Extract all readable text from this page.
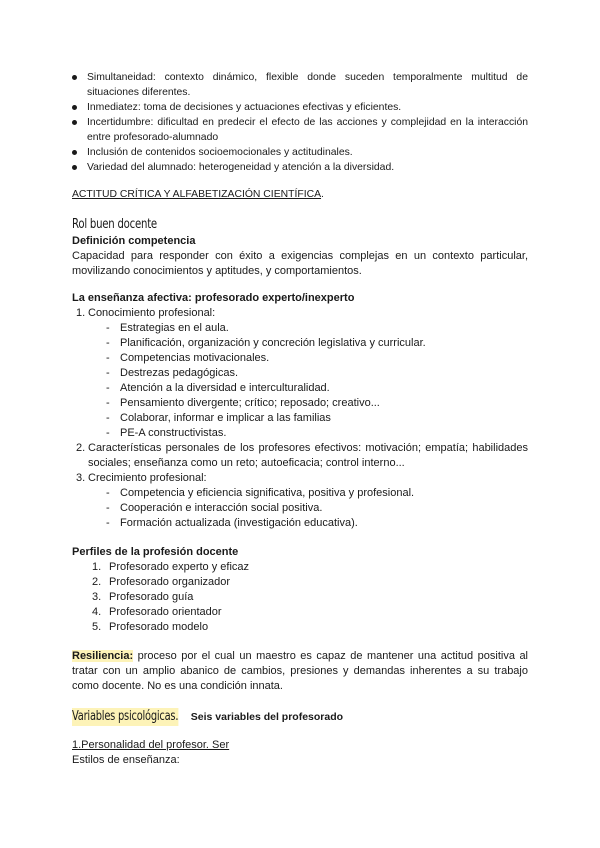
Simultaneidad: contexto dinámico, flexible donde suceden temporalmente multitud de situaciones diferentes.
Inmediatez: toma de decisiones y actuaciones efectivas y eficientes.
Incertidumbre: dificultad en predecir el efecto de las acciones y complejidad en la interacción entre profesorado-alumnado
Inclusión de contenidos socioemocionales y actitudinales.
Variedad del alumnado: heterogeneidad y atención a la diversidad.
ACTITUD CRÍTICA Y ALFABETIZACIÓN CIENTÍFICA.
Rol buen docente
Definición competencia
Capacidad para responder con éxito a exigencias complejas en un contexto particular, movilizando conocimientos y aptitudes, y comportamientos.
La enseñanza afectiva: profesorado experto/inexperto
1. Conocimiento profesional:
- Estrategias en el aula.
- Planificación, organización y concreción legislativa y curricular.
- Competencias motivacionales.
- Destrezas pedagógicas.
- Atención a la diversidad e interculturalidad.
- Pensamiento divergente; crítico; reposado; creativo...
- Colaborar, informar e implicar a las familias
- PE-A constructivistas.
2. Características personales de los profesores efectivos: motivación; empatía; habilidades sociales; enseñanza como un reto; autoeficacia; control interno...
3. Crecimiento profesional:
- Competencia y eficiencia significativa, positiva y profesional.
- Cooperación e interacción social positiva.
- Formación actualizada (investigación educativa).
Perfiles de la profesión docente
1. Profesorado experto y eficaz
2. Profesorado organizador
3. Profesorado guía
4. Profesorado orientador
5. Profesorado modelo
Resiliencia: proceso por el cual un maestro es capaz de mantener una actitud positiva al tratar con un amplio abanico de cambios, presiones y demandas inherentes a su trabajo como docente. No es una condición innata.
Variables psicológicas. Seis variables del profesorado
1.Personalidad del profesor. Ser
Estilos de enseñanza:
